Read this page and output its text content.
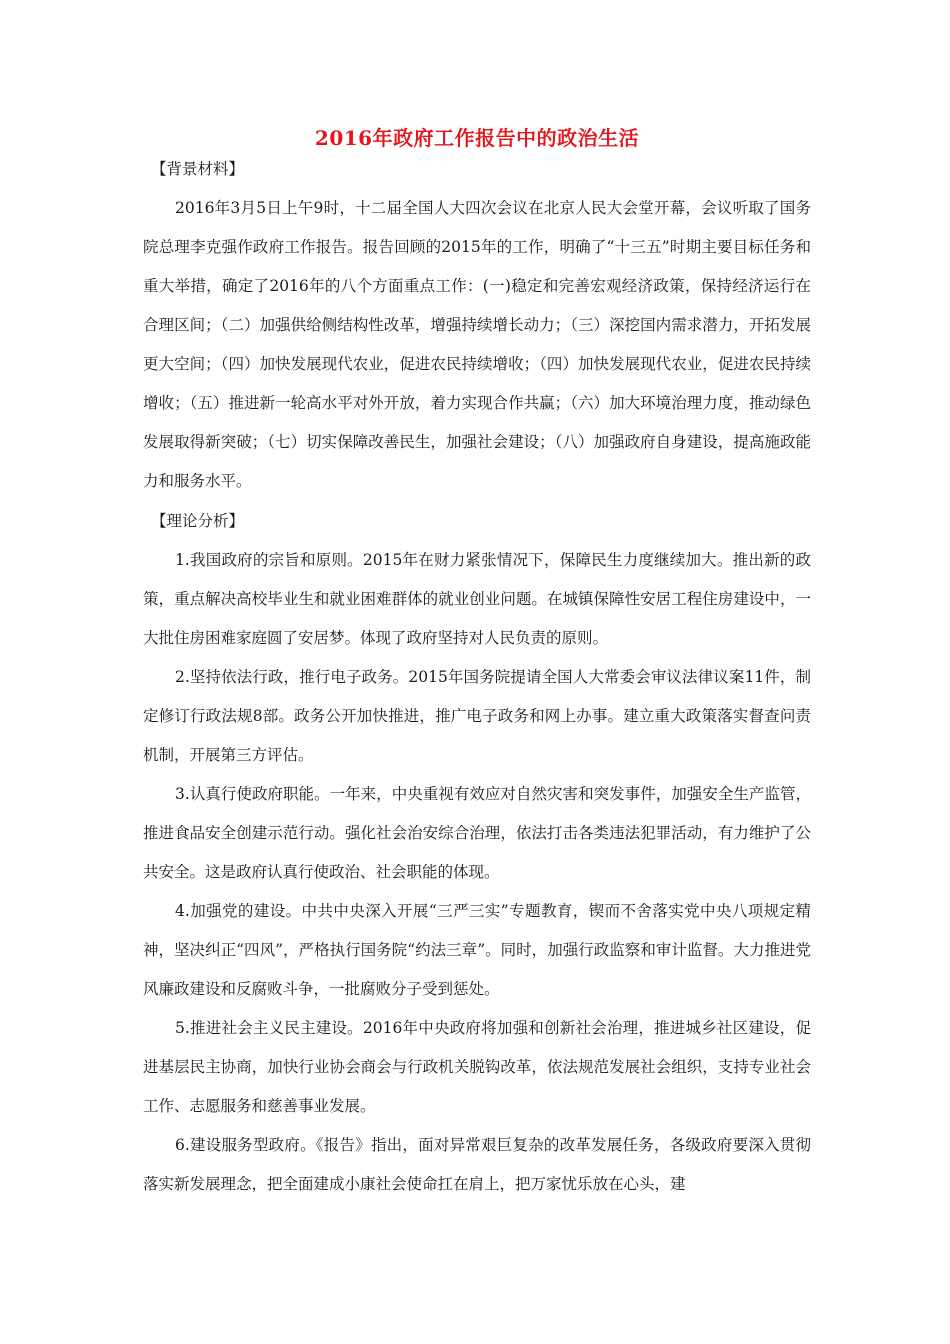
2016年政府工作报告中的政治生活
【背景材料】

2016年3月5日上午9时，十二届全国人大四次会议在北京人民大会堂开幕，会议听取了国务院总理李克强作政府工作报告。报告回顾的2015年的工作，明确了“十三五”时期主要目标任务和重大举措，确定了2016年的八个方面重点工作：(一)稳定和完善宏观经济政策，保持经济运行在合理区间；（二）加强供给侧结构性改革，增强持续增长动力；（三）深挖国内需求潜力，开拓发展更大空间；（四）加快发展现代农业，促进农民持续增收；（四）加快发展现代农业，促进农民持续增收；（五）推进新一轮高水平对外开放，着力实现合作共赢；（六）加大环境治理力度，推动绿色发展取得新突破；（七）切实保障改善民生，加强社会建设；（八）加强政府自身建设，提高施政能力和服务水平。

【理论分析】

1.我国政府的宗旨和原则。2015年在财力紧张情况下，保障民生力度继续加大。推出新的政策，重点解决高校毕业生和就业困难群体的就业创业问题。在城镇保障性安居工程住房建设中，一大批住房困难家庭圆了安居梦。体现了政府坚持对人民负责的原则。

2.坚持依法行政，推行电子政务。2015年国务院提请全国人大常委会审议法律议案11件，制定修订行政法规8部。政务公开加快推进，推广电子政务和网上办事。建立重大政策落实督查问责机制，开展第三方评估。

3.认真行使政府职能。一年来，中央重视有效应对自然灾害和突发事件，加强安全生产监管，推进食品安全创建示范行动。强化社会治安综合治理，依法打击各类违法犯罪活动，有力维护了公共安全。这是政府认真行使政治、社会职能的体现。

4.加强党的建设。中共中央深入开展“三严三实”专题教育，锲而不舍落实党中央八项规定精神，坚决纠正“四风”，严格执行国务院“约法三章”。同时，加强行政监察和审计监督。大力推进党风廉政建设和反腐败斗争，一批腐败分子受到惩处。

5.推进社会主义民主建设。2016年中央政府将加强和创新社会治理，推进城乡社区建设，促进基层民主协商，加快行业协会商会与行政机关脱钩改革，依法规范发展社会组织，支持专业社会工作、志愿服务和慈善事业发展。

6.建设服务型政府。《报告》指出，面对异常艰巨复杂的改革发展任务，各级政府要深入贯彻落实新发展理念，把全面建成小康社会使命扛在肩上，把万家忧乐放在心头，建
